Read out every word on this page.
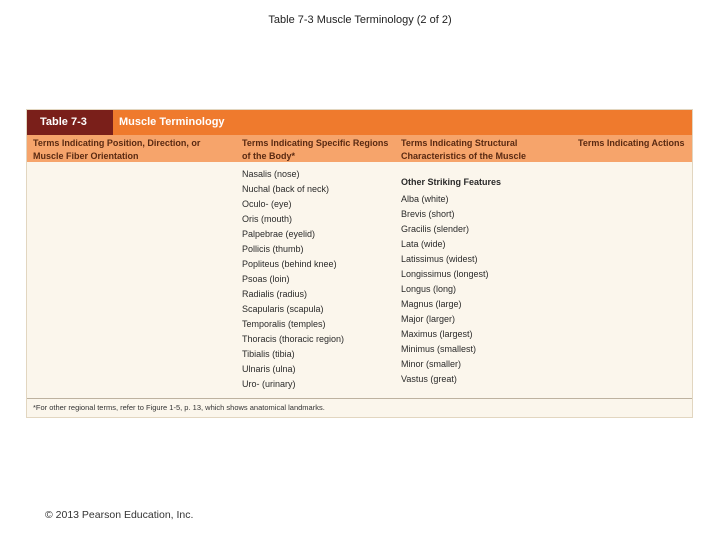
Table 7-3 Muscle Terminology (2 of 2)
Table 7-3	Muscle Terminology
Terms Indicating Position, Direction, or Muscle Fiber Orientation
Terms Indicating Specific Regions of the Body*
Terms Indicating Structural Characteristics of the Muscle
Terms Indicating Actions
Nasalis (nose)
Nuchal (back of neck)
Oculo- (eye)
Oris (mouth)
Palpebrae (eyelid)
Pollicis (thumb)
Popliteus (behind knee)
Psoas (loin)
Radialis (radius)
Scapularis (scapula)
Temporalis (temples)
Thoracis (thoracic region)
Tibialis (tibia)
Ulnaris (ulna)
Uro- (urinary)
Other Striking Features
Alba (white)
Brevis (short)
Gracilis (slender)
Lata (wide)
Latissimus (widest)
Longissimus (longest)
Longus (long)
Magnus (large)
Major (larger)
Maximus (largest)
Minimus (smallest)
Minor (smaller)
Vastus (great)
*For other regional terms, refer to Figure 1-5, p. 13, which shows anatomical landmarks.
© 2013 Pearson Education, Inc.
